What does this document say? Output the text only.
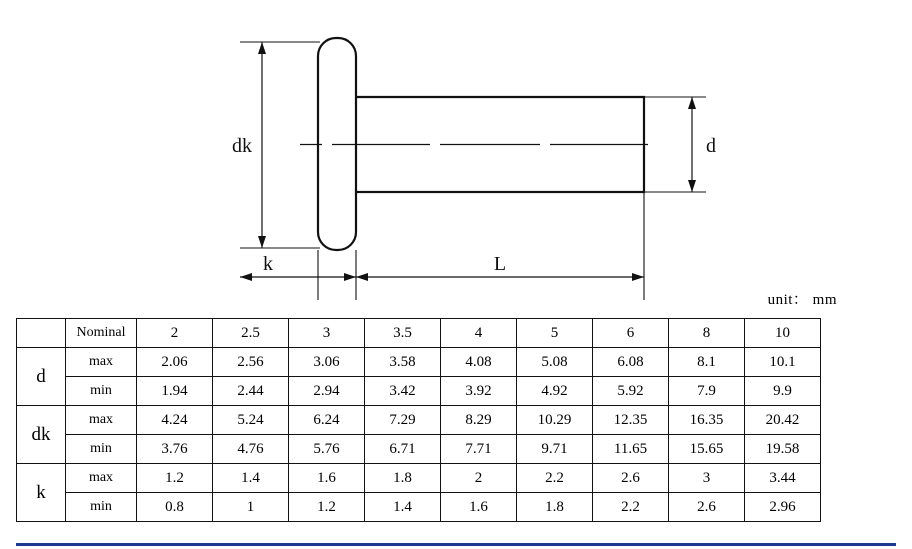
dk	d
k	L
unit： mm
	Nominal	2	2.5	3	3.5	4	5	6	8	10
d	max	2.06	2.56	3.06	3.58	4.08	5.08	6.08	8.1	10.1
	min	1.94	2.44	2.94	3.42	3.92	4.92	5.92	7.9	9.9
dk	max	4.24	5.24	6.24	7.29	8.29	10.29	12.35	16.35	20.42
	min	3.76	4.76	5.76	6.71	7.71	9.71	11.65	15.65	19.58
k	max	1.2	1.4	1.6	1.8	2	2.2	2.6	3	3.44
	min	0.8	1	1.2	1.4	1.6	1.8	2.2	2.6	2.96
